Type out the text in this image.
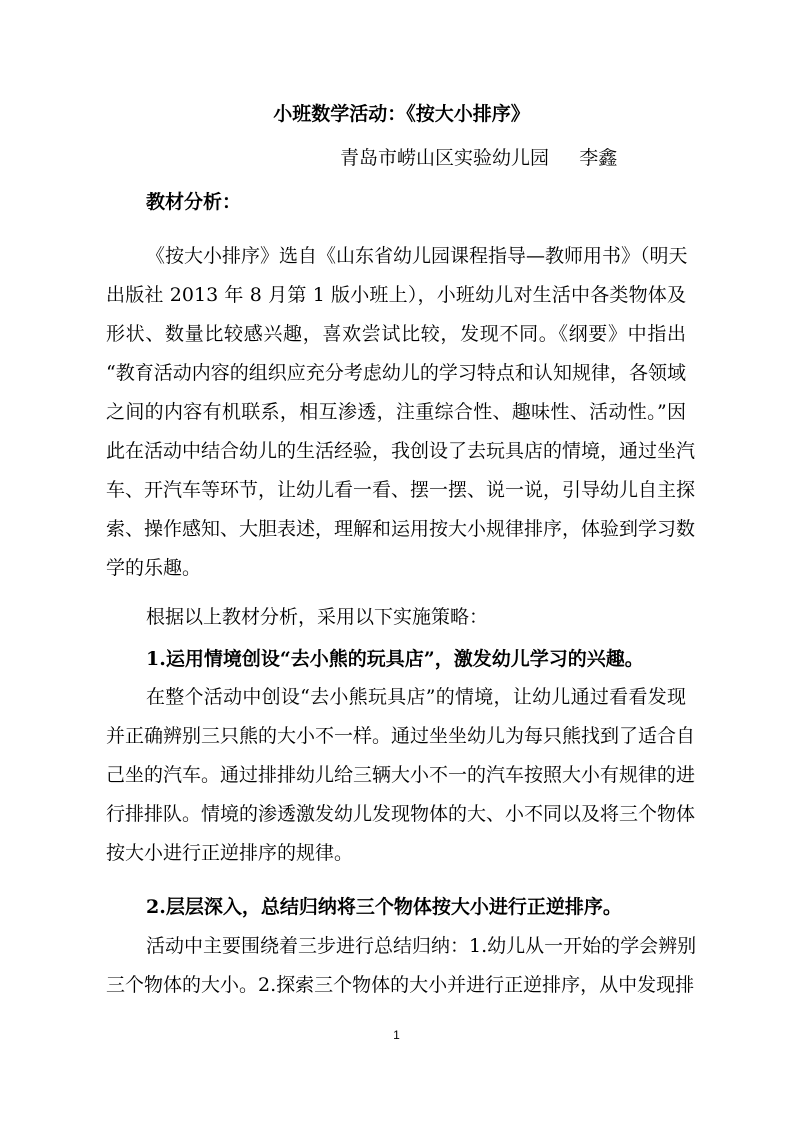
小班数学活动：《按大小排序》
青岛市崂山区实验幼儿园     李鑫
教材分析：
《按大小排序》选自《山东省幼儿园课程指导—教师用书》（明天
出版社 2013 年 8 月第 1 版小班上），小班幼儿对生活中各类物体及
形状、数量比较感兴趣，喜欢尝试比较，发现不同。《纲要》中指出
“教育活动内容的组织应充分考虑幼儿的学习特点和认知规律，各领域
之间的内容有机联系，相互渗透，注重综合性、趣味性、活动性。”因
此在活动中结合幼儿的生活经验，我创设了去玩具店的情境，通过坐汽
车、开汽车等环节，让幼儿看一看、摆一摆、说一说，引导幼儿自主探
索、操作感知、大胆表述，理解和运用按大小规律排序，体验到学习数
学的乐趣。
根据以上教材分析，采用以下实施策略：
1.运用情境创设“去小熊的玩具店”，激发幼儿学习的兴趣。
在整个活动中创设“去小熊玩具店”的情境，让幼儿通过看看发现
并正确辨别三只熊的大小不一样。通过坐坐幼儿为每只熊找到了适合自
己坐的汽车。通过排排幼儿给三辆大小不一的汽车按照大小有规律的进
行排排队。情境的渗透激发幼儿发现物体的大、小不同以及将三个物体
按大小进行正逆排序的规律。
2.层层深入，总结归纳将三个物体按大小进行正逆排序。
活动中主要围绕着三步进行总结归纳：1.幼儿从一开始的学会辨别
三个物体的大小。2.探索三个物体的大小并进行正逆排序，从中发现排
1
